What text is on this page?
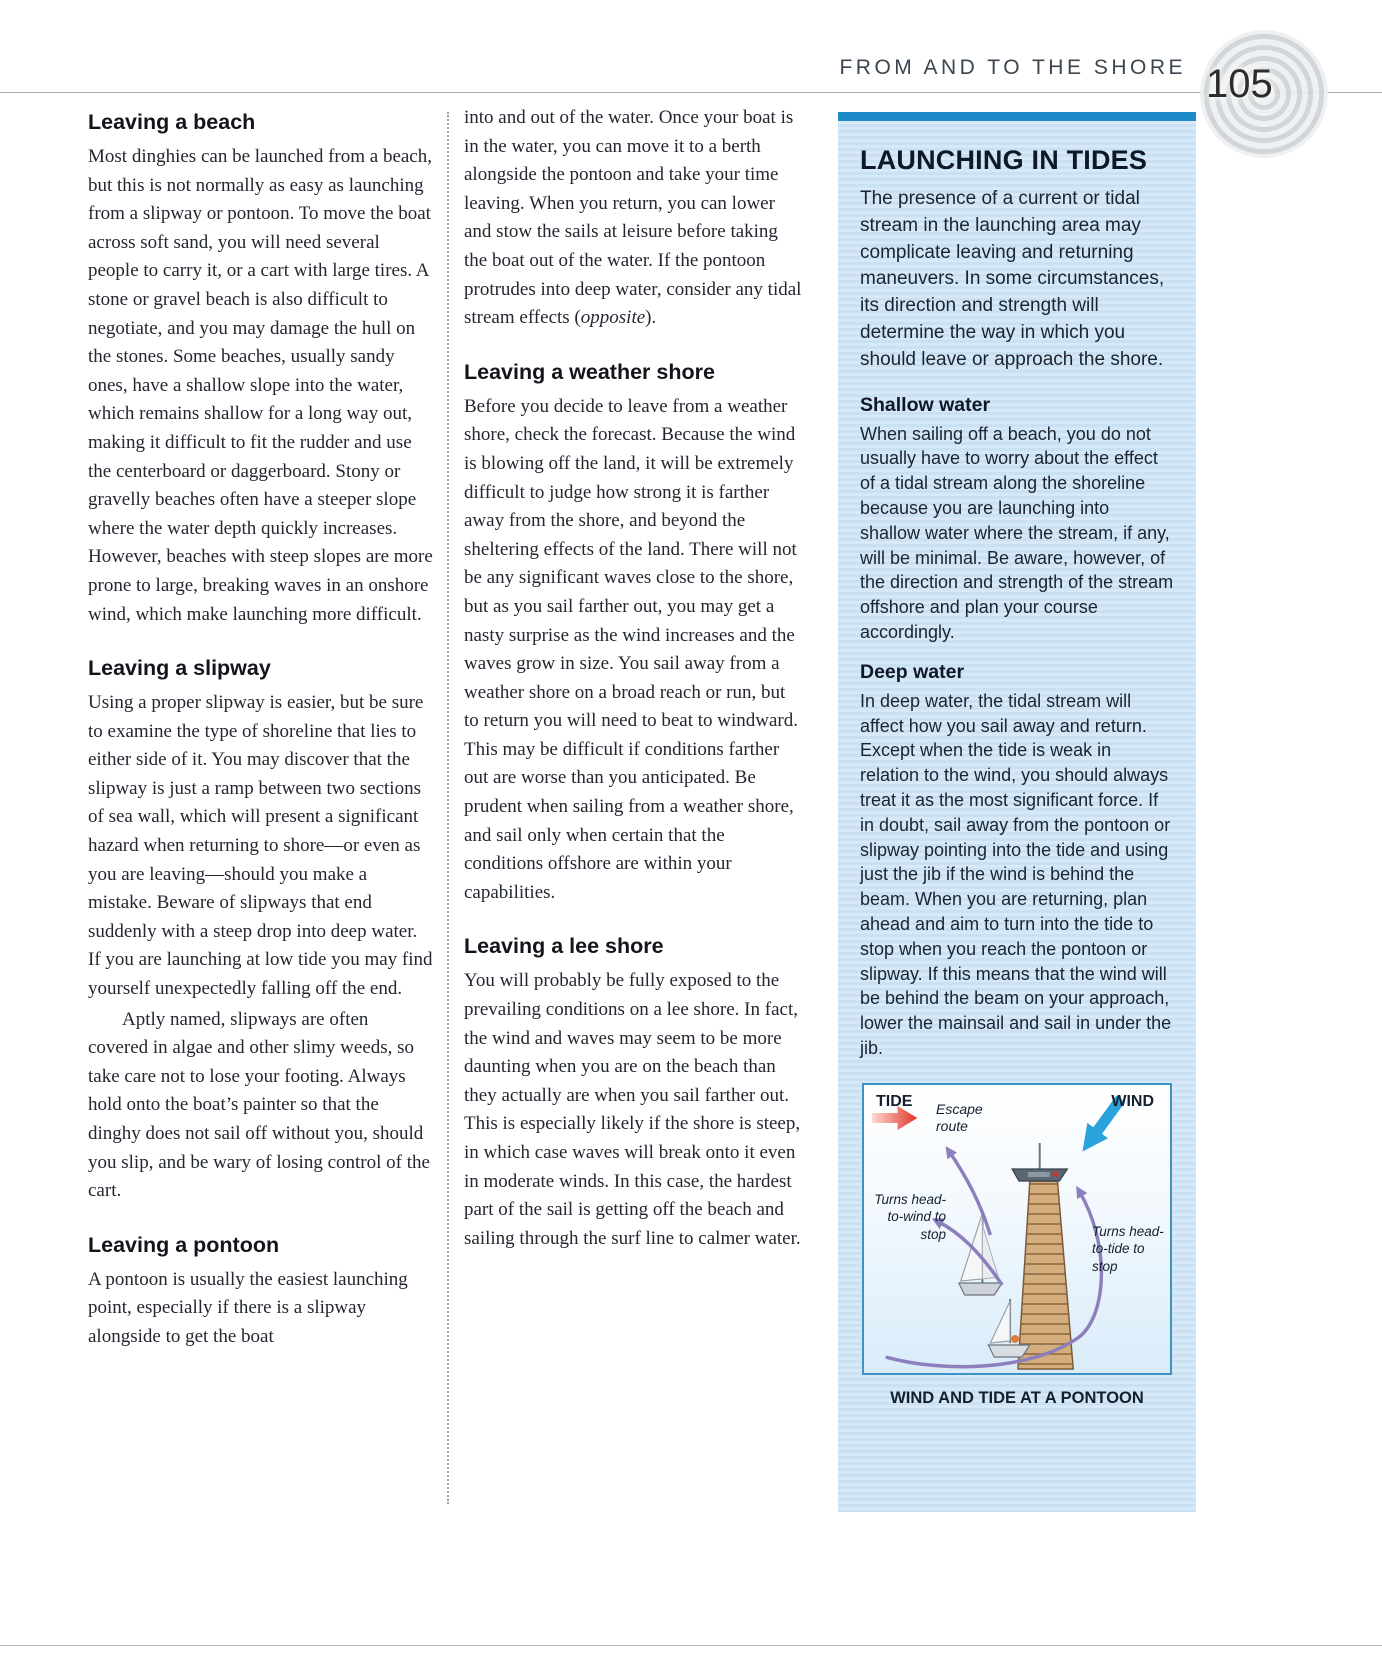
FROM AND TO THE SHORE 105
Leaving a beach

Most dinghies can be launched from a beach, but this is not normally as easy as launching from a slipway or pontoon. To move the boat across soft sand, you will need several people to carry it, or a cart with large tires. A stone or gravel beach is also difficult to negotiate, and you may damage the hull on the stones. Some beaches, usually sandy ones, have a shallow slope into the water, which remains shallow for a long way out, making it difficult to fit the rudder and use the centerboard or daggerboard. Stony or gravelly beaches often have a steeper slope where the water depth quickly increases. However, beaches with steep slopes are more prone to large, breaking waves in an onshore wind, which make launching more difficult.

Leaving a slipway

Using a proper slipway is easier, but be sure to examine the type of shoreline that lies to either side of it. You may discover that the slipway is just a ramp between two sections of sea wall, which will present a significant hazard when returning to shore—or even as you are leaving—should you make a mistake. Beware of slipways that end suddenly with a steep drop into deep water. If you are launching at low tide you may find yourself unexpectedly falling off the end.

Aptly named, slipways are often covered in algae and other slimy weeds, so take care not to lose your footing. Always hold onto the boat’s painter so that the dinghy does not sail off without you, should you slip, and be wary of losing control of the cart.

Leaving a pontoon

A pontoon is usually the easiest launching point, especially if there is a slipway alongside to get the boat

into and out of the water. Once your boat is in the water, you can move it to a berth alongside the pontoon and take your time leaving. When you return, you can lower and stow the sails at leisure before taking the boat out of the water. If the pontoon protrudes into deep water, consider any tidal stream effects (opposite).

Leaving a weather shore

Before you decide to leave from a weather shore, check the forecast. Because the wind is blowing off the land, it will be extremely difficult to judge how strong it is farther away from the shore, and beyond the sheltering effects of the land. There will not be any significant waves close to the shore, but as you sail farther out, you may get a nasty surprise as the wind increases and the waves grow in size. You sail away from a weather shore on a broad reach or run, but to return you will need to beat to windward. This may be difficult if conditions farther out are worse than you anticipated. Be prudent when sailing from a weather shore, and sail only when certain that the conditions offshore are within your capabilities.

Leaving a lee shore

You will probably be fully exposed to the prevailing conditions on a lee shore. In fact, the wind and waves may seem to be more daunting when you are on the beach than they actually are when you sail farther out. This is especially likely if the shore is steep, in which case waves will break onto it even in moderate winds. In this case, the hardest part of the sail is getting off the beach and sailing through the surf line to calmer water.

LAUNCHING IN TIDES

The presence of a current or tidal stream in the launching area may complicate leaving and returning maneuvers. In some circumstances, its direction and strength will determine the way in which you should leave or approach the shore.

Shallow water

When sailing off a beach, you do not usually have to worry about the effect of a tidal stream along the shoreline because you are launching into shallow water where the stream, if any, will be minimal. Be aware, however, of the direction and strength of the stream offshore and plan your course accordingly.

Deep water

In deep water, the tidal stream will affect how you sail away and return. Except when the tide is weak in relation to the wind, you should always treat it as the most significant force. If in doubt, sail away from the pontoon or slipway pointing into the tide and using just the jib if the wind is behind the beam. When you are returning, plan ahead and aim to turn into the tide to stop when you reach the pontoon or slipway. If this means that the wind will be behind the beam on your approach, lower the mainsail and sail in under the jib.

TIDE	WIND
Escape route
Turns head-to-wind to stop	Turns head-to-tide to stop
WIND AND TIDE AT A PONTOON
